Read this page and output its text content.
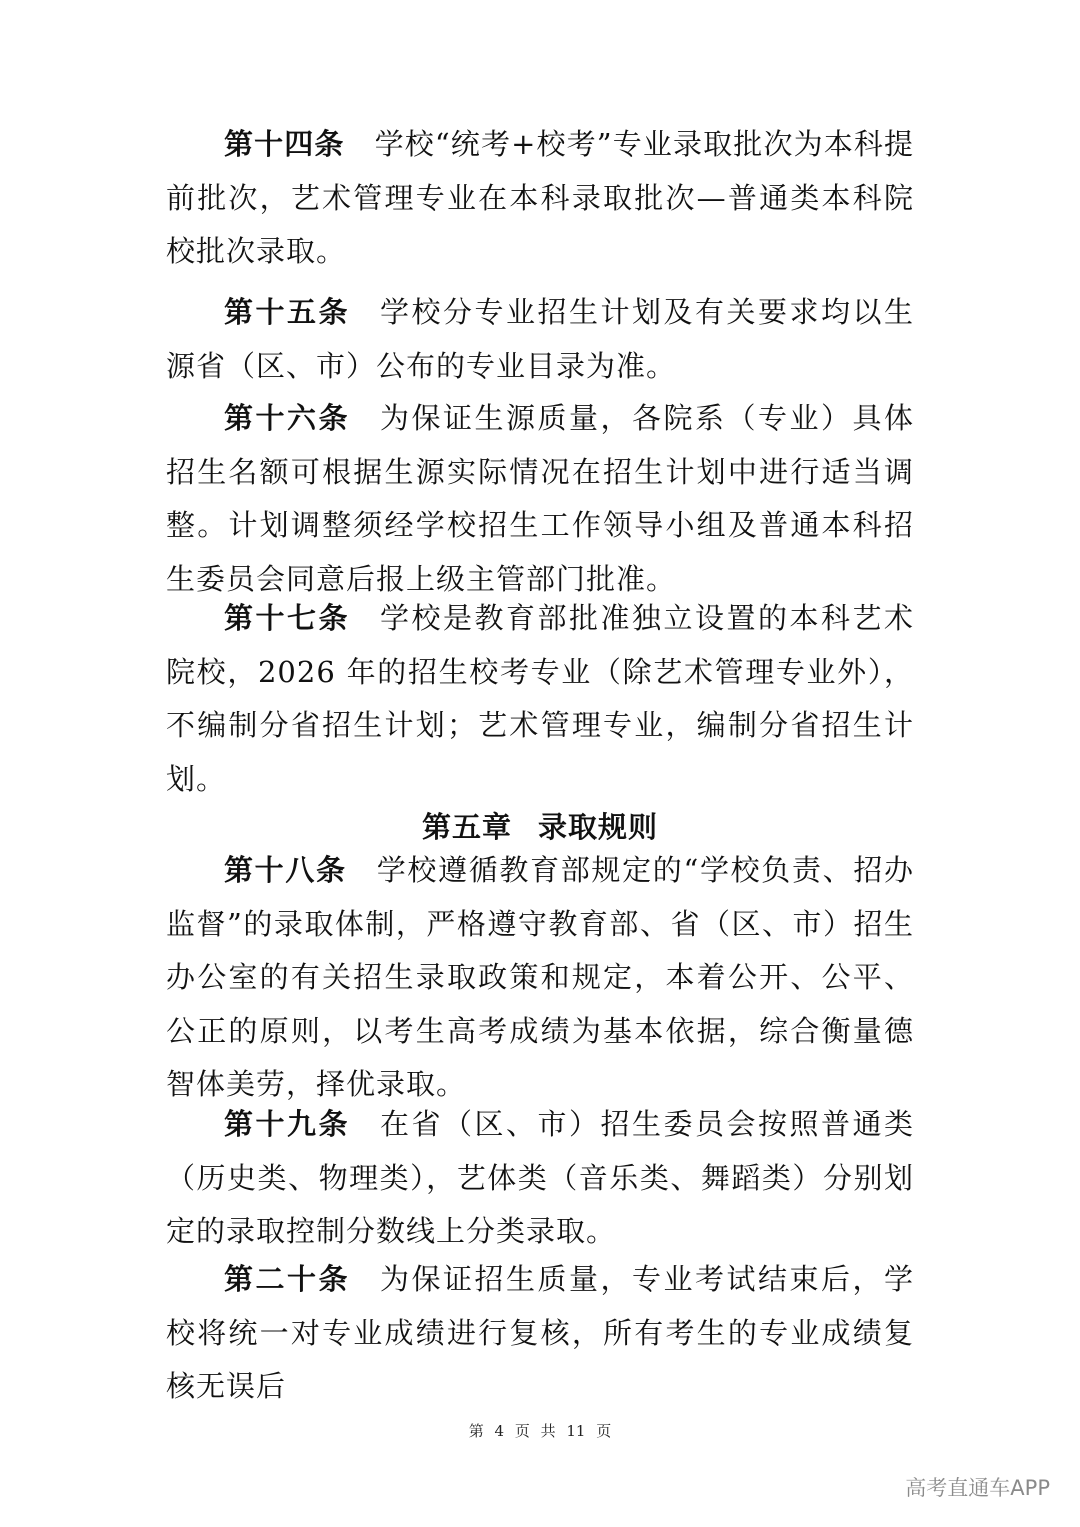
第十四条 学校“统考+校考”专业录取批次为本科提前批次，艺术管理专业在本科录取批次—普通类本科院校批次录取。

第十五条 学校分专业招生计划及有关要求均以生源省（区、市）公布的专业目录为准。

第十六条 为保证生源质量，各院系（专业）具体招生名额可根据生源实际情况在招生计划中进行适当调整。计划调整须经学校招生工作领导小组及普通本科招生委员会同意后报上级主管部门批准。

第十七条 学校是教育部批准独立设置的本科艺术院校，2026 年的招生校考专业（除艺术管理专业外），不编制分省招生计划；艺术管理专业，编制分省招生计划。

第五章 录取规则

第十八条 学校遵循教育部规定的“学校负责、招办监督”的录取体制，严格遵守教育部、省（区、市）招生办公室的有关招生录取政策和规定，本着公开、公平、公正的原则，以考生高考成绩为基本依据，综合衡量德智体美劳，择优录取。

第十九条 在省（区、市）招生委员会按照普通类（历史类、物理类），艺体类（音乐类、舞蹈类）分别划定的录取控制分数线上分类录取。

第二十条 为保证招生质量，专业考试结束后，学校将统一对专业成绩进行复核，所有考生的专业成绩复核无误后

第 4 页 共 11 页
高考直通车APP
